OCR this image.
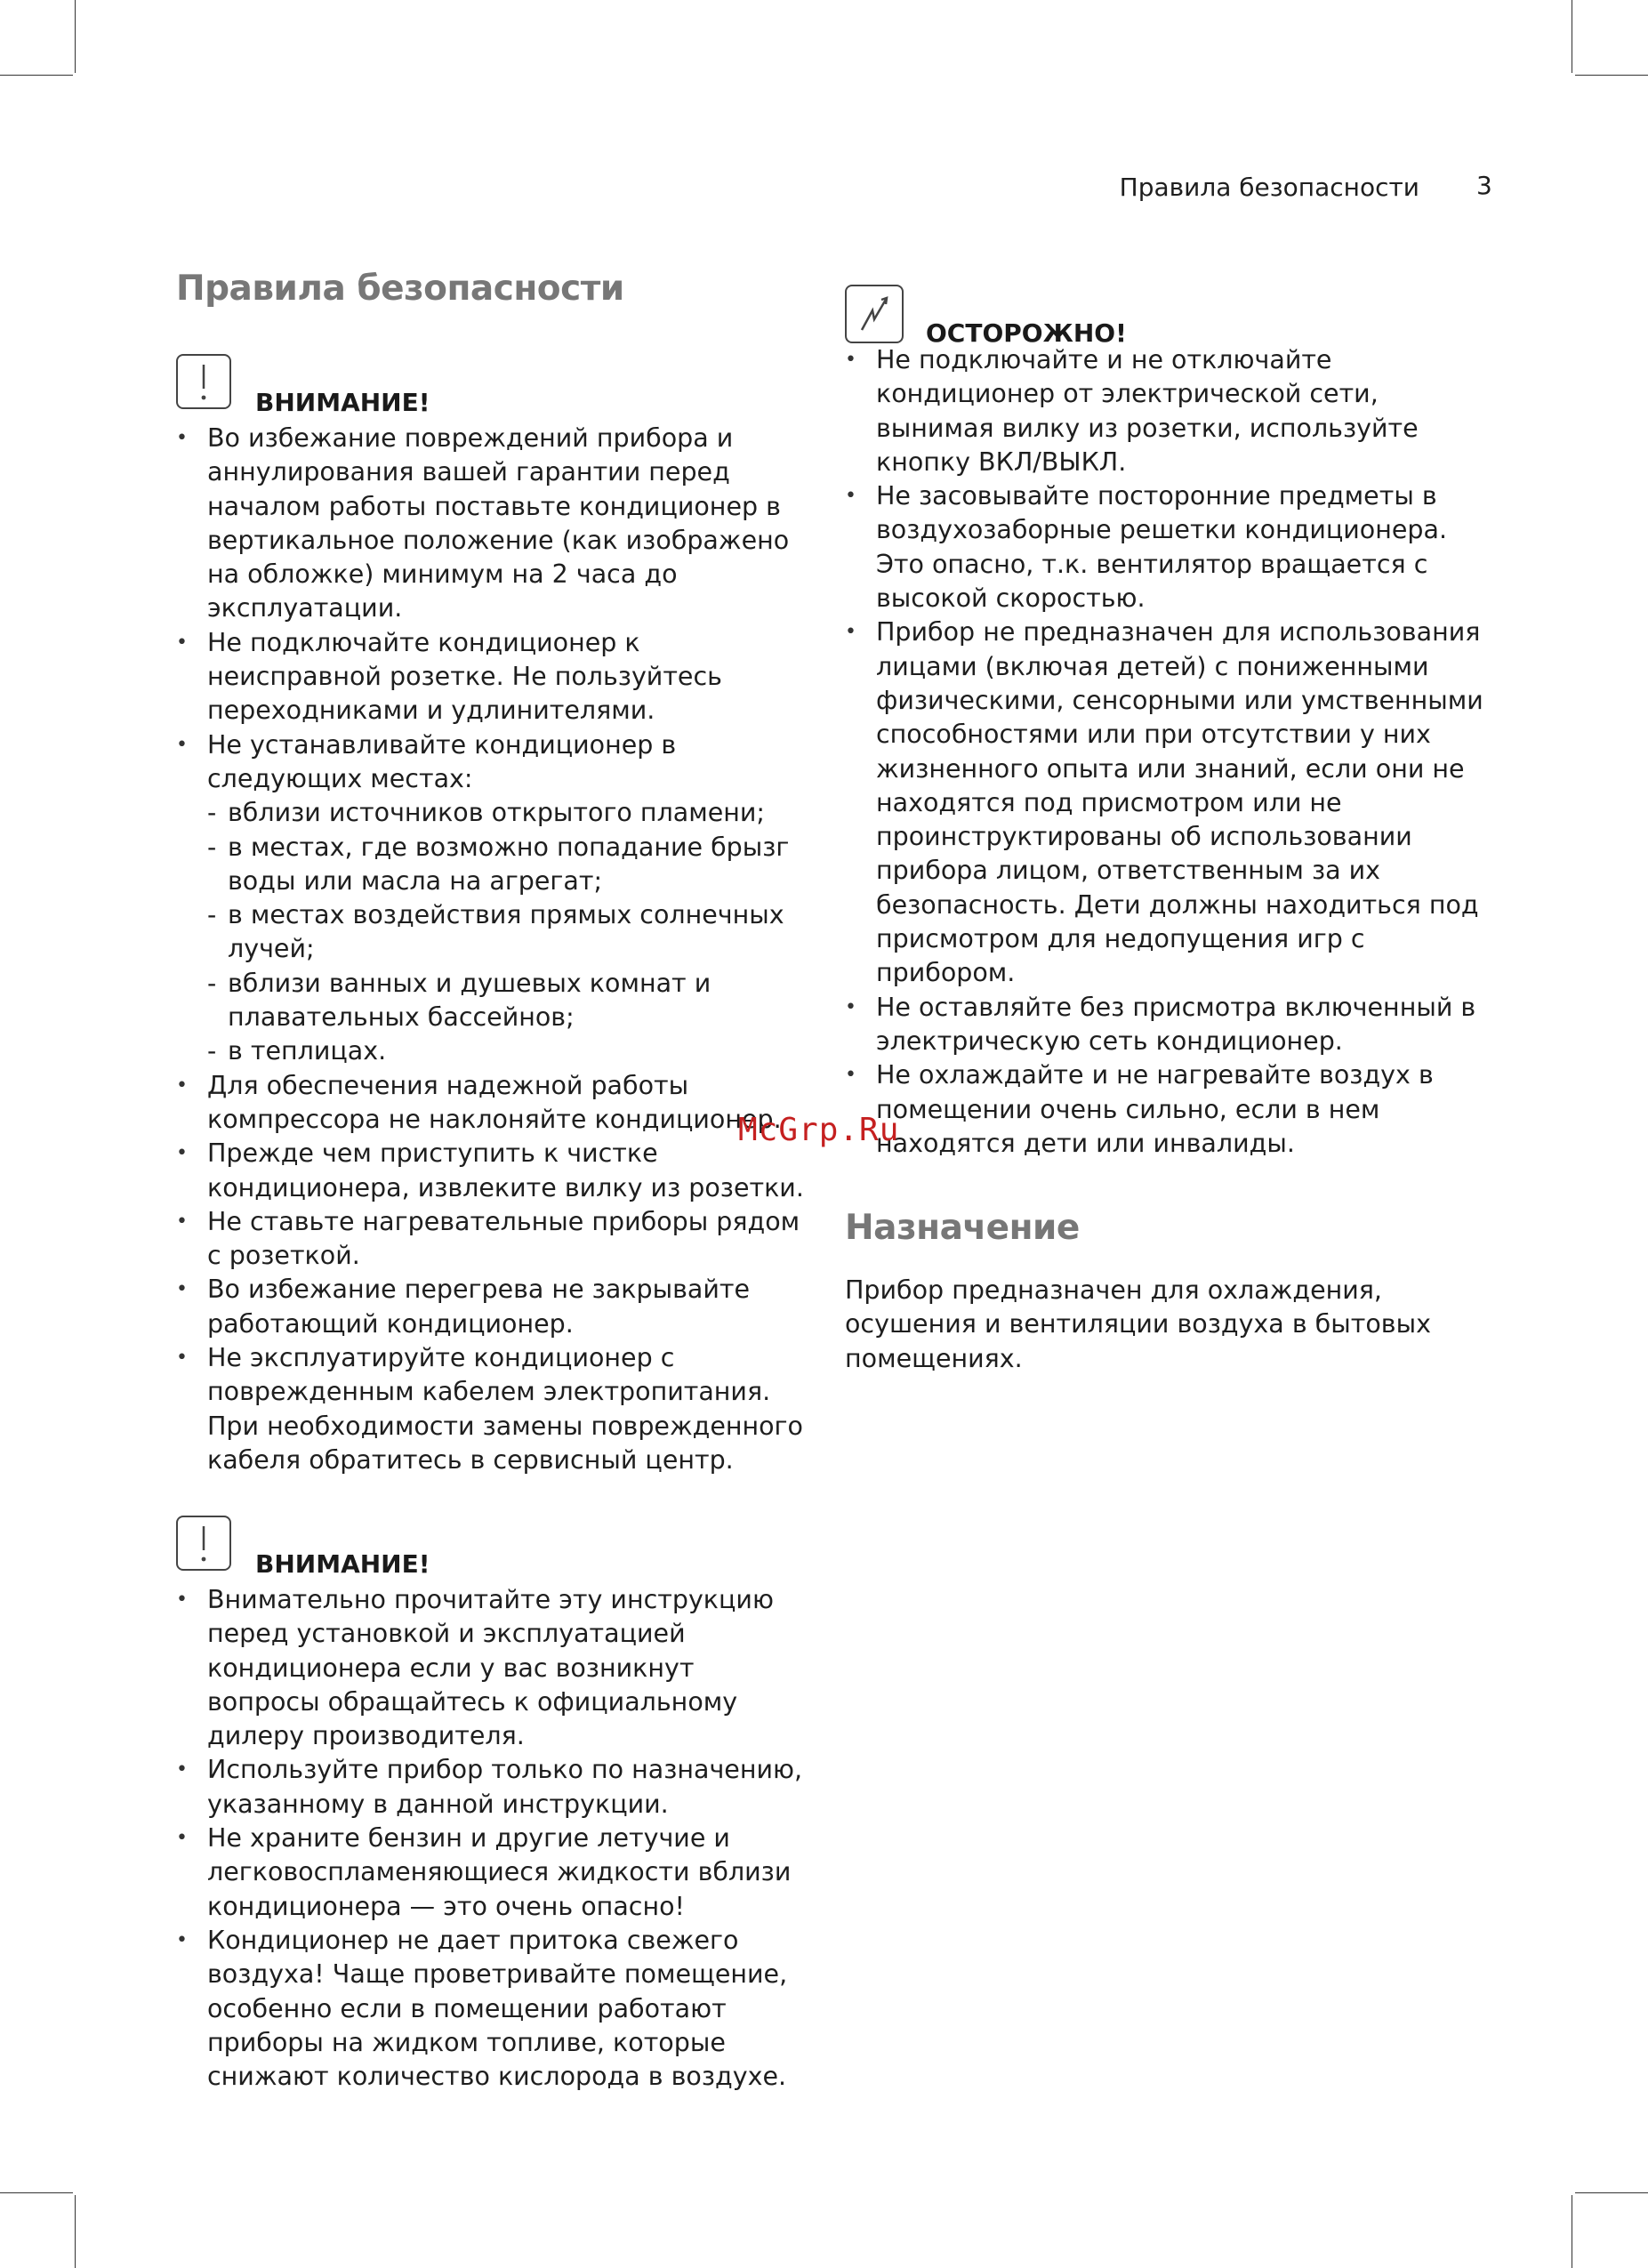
Правила безопасности 3
Правила безопасности
ВНИМАНИЕ!
• Во избежание повреждений прибора и аннулирования вашей гарантии перед началом работы поставьте кондиционер в вертикальное положение (как изображено на обложке) минимум на 2 часа до эксплуатации.
• Не подключайте кондиционер к неисправной розетке. Не пользуйтесь переходниками и удлинителями.
• Не устанавливайте кондиционер в следующих местах:
- вблизи источников открытого пламени;
- в местах, где возможно попадание брызг воды или масла на агрегат;
- в местах воздействия прямых солнечных лучей;
- вблизи ванных и душевых комнат и плавательных бассейнов;
- в теплицах.
• Для обеспечения надежной работы компрессора не наклоняйте кондиционер.
• Прежде чем приступить к чистке кондиционера, извлеките вилку из розетки.
• Не ставьте нагревательные приборы рядом с розеткой.
• Во избежание перегрева не закрывайте работающий кондиционер.
• Не эксплуатируйте кондиционер с поврежденным кабелем электропитания. При необходимости замены поврежденного кабеля обратитесь в сервисный центр.
ВНИМАНИЕ!
• Внимательно прочитайте эту инструкцию перед установкой и эксплуатацией кондиционера если у вас возникнут вопросы обращайтесь к официальному дилеру производителя.
• Используйте прибор только по назначению, указанному в данной инструкции.
• Не храните бензин и другие летучие и легковоспламеняющиеся жидкости вблизи кондиционера — это очень опасно!
• Кондиционер не дает притока свежего воздуха! Чаще проветривайте помещение, особенно если в помещении работают приборы на жидком топливе, которые снижают количество кислорода в воздухе.
ОСТОРОЖНО!
• Не подключайте и не отключайте кондиционер от электрической сети, вынимая вилку из розетки, используйте кнопку ВКЛ/ВЫКЛ.
• Не засовывайте посторонние предметы в воздухозаборные решетки кондиционера. Это опасно, т.к. вентилятор вращается с высокой скоростью.
• Прибор не предназначен для использования лицами (включая детей) с пониженными физическими, сенсорными или умственными способностями или при отсутствии у них жизненного опыта или знаний, если они не находятся под присмотром или не проинструктированы об использовании прибора лицом, ответственным за их безопасность. Дети должны находиться под присмотром для недопущения игр с прибором.
• Не оставляйте без присмотра включенный в электрическую сеть кондиционер.
• Не охлаждайте и не нагревайте воздух в помещении очень сильно, если в нем находятся дети или инвалиды.
Назначение

Прибор предназначен для охлаждения, осушения и вентиляции воздуха в бытовых помещениях.

McGrp.Ru
